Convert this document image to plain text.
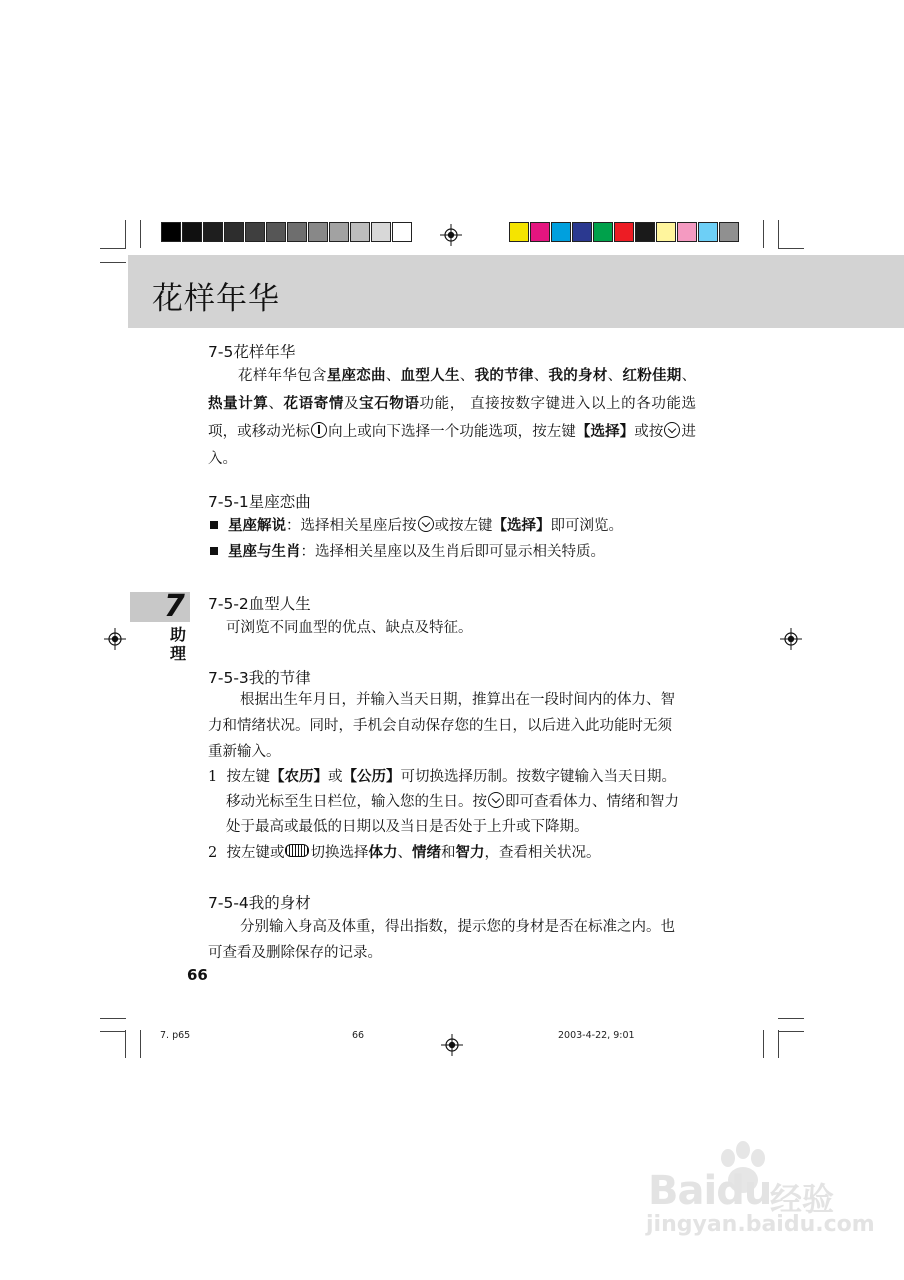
花样年华
7-5花样年华
花样年华包含星座恋曲、血型人生、我的节律、我的身材、红粉佳期、热量计算、花语寄情及宝石物语功能， 直接按数字键进入以上的各功能选项，或移动光标 向上或向下选择一个功能选项，按左键【选择】或按 进入。
7-5-1星座恋曲
星座解说：选择相关星座后按 或按左键【选择】即可浏览。
星座与生肖：选择相关星座以及生肖后即可显示相关特质。
7
助理
7-5-2血型人生
可浏览不同血型的优点、缺点及特征。
7-5-3我的节律
根据出生年月日，并输入当天日期，推算出在一段时间内的体力、智
力和情绪状况。同时，手机会自动保存您的生日，以后进入此功能时无须
重新输入。
1 按左键【农历】或【公历】可切换选择历制。按数字键输入当天日期。
移动光标至生日栏位，输入您的生日。按 即可查看体力、情绪和智力
处于最高或最低的日期以及当日是否处于上升或下降期。
2 按左键或 切换选择体力、情绪和智力，查看相关状况。
7-5-4我的身材
分别输入身高及体重，得出指数，提示您的身材是否在标准之内。也
可查看及删除保存的记录。
66
7. p65	66	2003-4-22, 9:01
Baidu
经验
jingyan.baidu.com
